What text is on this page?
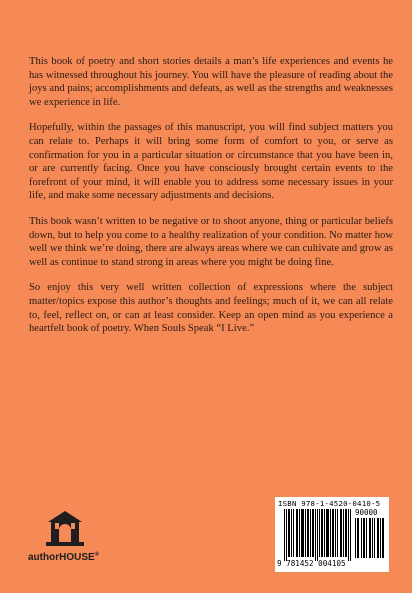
This book of poetry and short stories details a man’s life experiences and events he has witnessed throughout his journey. You will have the pleasure of reading about the joys and pains; accomplishments and defeats, as well as the strengths and weaknesses we experience in life.

Hopefully, within the passages of this manuscript, you will find subject matters you can relate to. Perhaps it will bring some form of comfort to you, or serve as confirmation for you in a particular situation or circumstance that you have been in, or are currently facing. Once you have consciously brought certain events to the forefront of your mind, it will enable you to address some necessary issues in your life, and make some necessary adjustments and decisions.

This book wasn’t written to be negative or to shoot anyone, thing or particular beliefs down, but to help you come to a healthy realization of your condition. No matter how well we think we’re doing, there are always areas where we can cultivate and grow as well as continue to stand strong in areas where you might be doing fine.

So enjoy this very well written collection of expressions where the subject matter/topics expose this author’s thoughts and feelings; much of it, we can all relate to, feel, reflect on, or can at least consider. Keep an open mind as you experience a heartfelt book of poetry. When Souls Speak “I Live.”

authorHOUSE®
ISBN 978-1-4520-0410-5
90000
9 781452 004105
